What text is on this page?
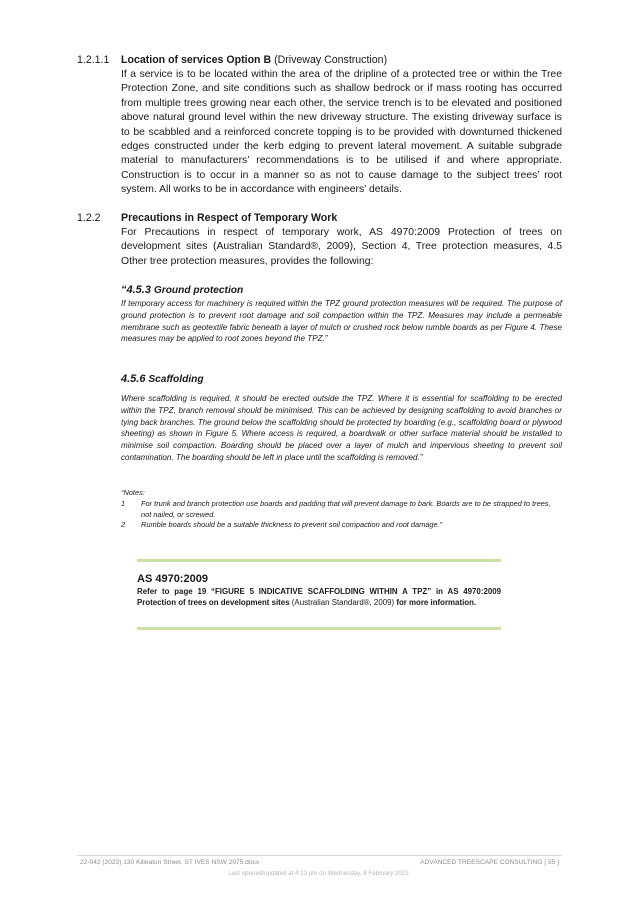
1.2.1.1 Location of services Option B (Driveway Construction)
If a service is to be located within the area of the dripline of a protected tree or within the Tree Protection Zone, and site conditions such as shallow bedrock or if mass rooting has occurred from multiple trees growing near each other, the service trench is to be elevated and positioned above natural ground level within the new driveway structure. The existing driveway surface is to be scabbled and a reinforced concrete topping is to be provided with downturned thickened edges constructed under the kerb edging to prevent lateral movement. A suitable subgrade material to manufacturers’ recommendations is to be utilised if and where appropriate. Construction is to occur in a manner so as not to cause damage to the subject trees’ root system. All works to be in accordance with engineers’ details.
1.2.2 Precautions in Respect of Temporary Work
For Precautions in respect of temporary work, AS 4970:2009 Protection of trees on development sites (Australian Standard®, 2009), Section 4, Tree protection measures, 4.5 Other tree protection measures, provides the following:
“4.5.3 Ground protection
If temporary access for machinery is required within the TPZ ground protection measures will be required. The purpose of ground protection is to prevent root damage and soil compaction within the TPZ. Measures may include a permeable membrane such as geotextile fabric beneath a layer of mulch or crushed rock below rumble boards as per Figure 4. These measures may be applied to root zones beyond the TPZ.”
4.5.6 Scaffolding
Where scaffolding is required, it should be erected outside the TPZ. Where it is essential for scaffolding to be erected within the TPZ, branch removal should be minimised. This can be achieved by designing scaffolding to avoid branches or tying back branches. The ground below the scaffolding should be protected by boarding (e.g., scaffolding board or plywood sheeting) as shown in Figure 5. Where access is required, a boardwalk or other surface material should be installed to minimise soil compaction. Boarding should be placed over a layer of mulch and impervious sheeting to prevent soil contamination. The boarding should be left in place until the scaffolding is removed.”
“Notes:
1 For trunk and branch protection use boards and padding that will prevent damage to bark. Boards are to be strapped to trees, not nailed, or screwed.
2 Rumble boards should be a suitable thickness to prevent soil compaction and root damage.”
AS 4970:2009
Refer to page 19 “FIGURE 5 INDICATIVE SCAFFOLDING WITHIN A TPZ” in AS 4970:2009 Protection of trees on development sites (Australian Standard®, 2009) for more information.
22-042 (2023) 130 Killeaton Street, ST IVES NSW 2075.docx	ADVANCED TREESCAPE CONSULTING [ 55 ]
Last opened/updated at 4:13 pm on Wednesday, 8 February 2023
